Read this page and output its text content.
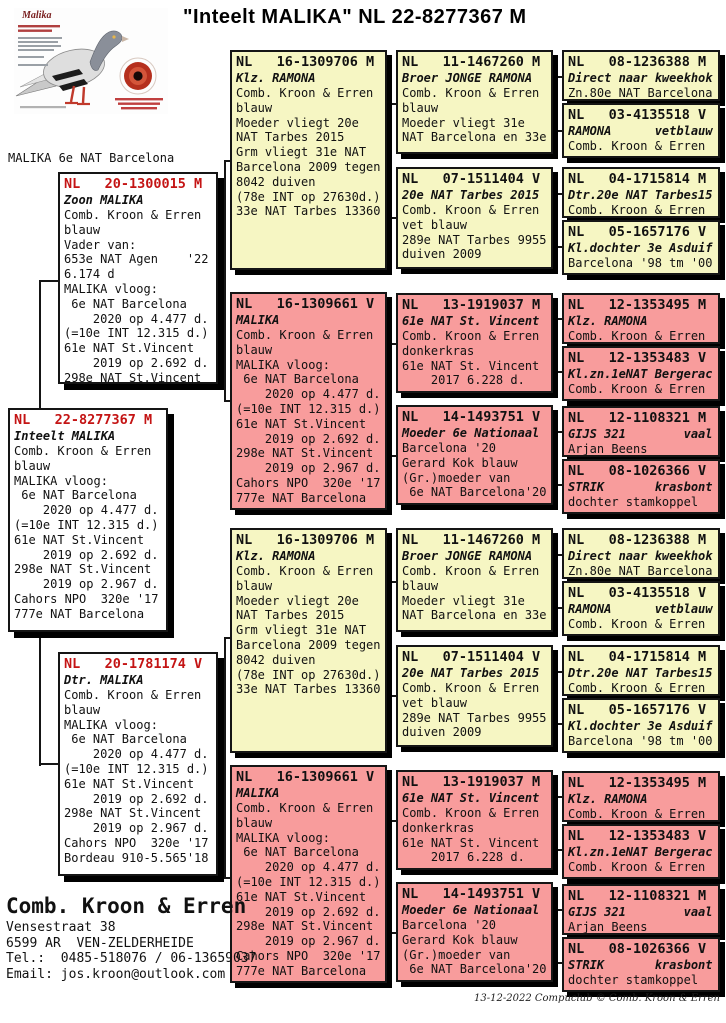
"Inteelt MALIKA" NL 22-8277367 M
Malika
MALIKA 6e NAT Barcelona
NL   20-1300015 M
Zoon MALIKA
Comb. Kroon & Erren
blauw
Vader van:
653e NAT Agen    '22
6.174 d
MALIKA vloog:
6e NAT Barcelona
2020 op 4.477 d.
(=10e INT 12.315 d.)
61e NAT St.Vincent
2019 op 2.692 d.
298e NAT St.Vincent
NL   22-8277367 M
Inteelt MALIKA
Comb. Kroon & Erren
blauw
MALIKA vloog:
6e NAT Barcelona
2020 op 4.477 d.
(=10e INT 12.315 d.)
61e NAT St.Vincent
2019 op 2.692 d.
298e NAT St.Vincent
2019 op 2.967 d.
Cahors NPO  320e '17
777e NAT Barcelona
NL   20-1781174 V
Dtr. MALIKA
Comb. Kroon & Erren
blauw
MALIKA vloog:
6e NAT Barcelona
2020 op 4.477 d.
(=10e INT 12.315 d.)
61e NAT St.Vincent
2019 op 2.692 d.
298e NAT St.Vincent
2019 op 2.967 d.
Cahors NPO  320e '17
Bordeau 910-5.565'18
NL   16-1309706 M
Klz. RAMONA
Comb. Kroon & Erren
blauw
Moeder vliegt 20e
NAT Tarbes 2015
Grm vliegt 31e NAT
Barcelona 2009 tegen
8042 duiven
(78e INT op 27630d.)
33e NAT Tarbes 13360
NL   16-1309661 V
MALIKA
Comb. Kroon & Erren
blauw
MALIKA vloog:
6e NAT Barcelona
2020 op 4.477 d.
(=10e INT 12.315 d.)
61e NAT St.Vincent
2019 op 2.692 d.
298e NAT St.Vincent
2019 op 2.967 d.
Cahors NPO  320e '17
777e NAT Barcelona
NL   16-1309706 M
Klz. RAMONA
Comb. Kroon & Erren
blauw
Moeder vliegt 20e
NAT Tarbes 2015
Grm vliegt 31e NAT
Barcelona 2009 tegen
8042 duiven
(78e INT op 27630d.)
33e NAT Tarbes 13360
NL   16-1309661 V
MALIKA
Comb. Kroon & Erren
blauw
MALIKA vloog:
6e NAT Barcelona
2020 op 4.477 d.
(=10e INT 12.315 d.)
61e NAT St.Vincent
2019 op 2.692 d.
298e NAT St.Vincent
2019 op 2.967 d.
Cahors NPO  320e '17
777e NAT Barcelona
NL   11-1467260 M
Broer JONGE RAMONA
Comb. Kroon & Erren
blauw
Moeder vliegt 31e
NAT Barcelona en 33e
NL   07-1511404 V
20e NAT Tarbes 2015
Comb. Kroon & Erren
vet blauw
289e NAT Tarbes 9955
duiven 2009
NL   13-1919037 M
61e NAT St. Vincent
Comb. Kroon & Erren
donkerkras
61e NAT St. Vincent
2017 6.228 d.
NL   14-1493751 V
Moeder 6e Nationaal
Barcelona '20
Gerard Kok blauw
(Gr.)moeder van
6e NAT Barcelona'20
NL   11-1467260 M
Broer JONGE RAMONA
Comb. Kroon & Erren
blauw
Moeder vliegt 31e
NAT Barcelona en 33e
NL   07-1511404 V
20e NAT Tarbes 2015
Comb. Kroon & Erren
vet blauw
289e NAT Tarbes 9955
duiven 2009
NL   13-1919037 M
61e NAT St. Vincent
Comb. Kroon & Erren
donkerkras
61e NAT St. Vincent
2017 6.228 d.
NL   14-1493751 V
Moeder 6e Nationaal
Barcelona '20
Gerard Kok blauw
(Gr.)moeder van
6e NAT Barcelona'20
NL   08-1236388 M
Direct naar kweekhok
Zn.80e NAT Barcelona
NL   03-4135518 V
RAMONA      vetblauw
Comb. Kroon & Erren
NL   04-1715814 M
Dtr.20e NAT Tarbes15
Comb. Kroon & Erren
NL   05-1657176 V
Kl.dochter 3e Asduif
Barcelona '98 tm '00
NL   12-1353495 M
Klz. RAMONA
Comb. Kroon & Erren
NL   12-1353483 V
Kl.zn.1eNAT Bergerac
Comb. Kroon & Erren
NL   12-1108321 M
GIJS 321        vaal
Arjan Beens
NL   08-1026366 V
STRIK       krasbont
dochter stamkoppel
NL   08-1236388 M
Direct naar kweekhok
Zn.80e NAT Barcelona
NL   03-4135518 V
RAMONA      vetblauw
Comb. Kroon & Erren
NL   04-1715814 M
Dtr.20e NAT Tarbes15
Comb. Kroon & Erren
NL   05-1657176 V
Kl.dochter 3e Asduif
Barcelona '98 tm '00
NL   12-1353495 M
Klz. RAMONA
Comb. Kroon & Erren
NL   12-1353483 V
Kl.zn.1eNAT Bergerac
Comb. Kroon & Erren
NL   12-1108321 M
GIJS 321        vaal
Arjan Beens
NL   08-1026366 V
STRIK       krasbont
dochter stamkoppel
Comb. Kroon & Erren
Vensestraat 38
6599 AR  VEN-ZELDERHEIDE
Tel.:  0485-518076 / 06-13659037
Email: jos.kroon@outlook.com
13-12-2022 Compuclub © Comb. Kroon & Erren
